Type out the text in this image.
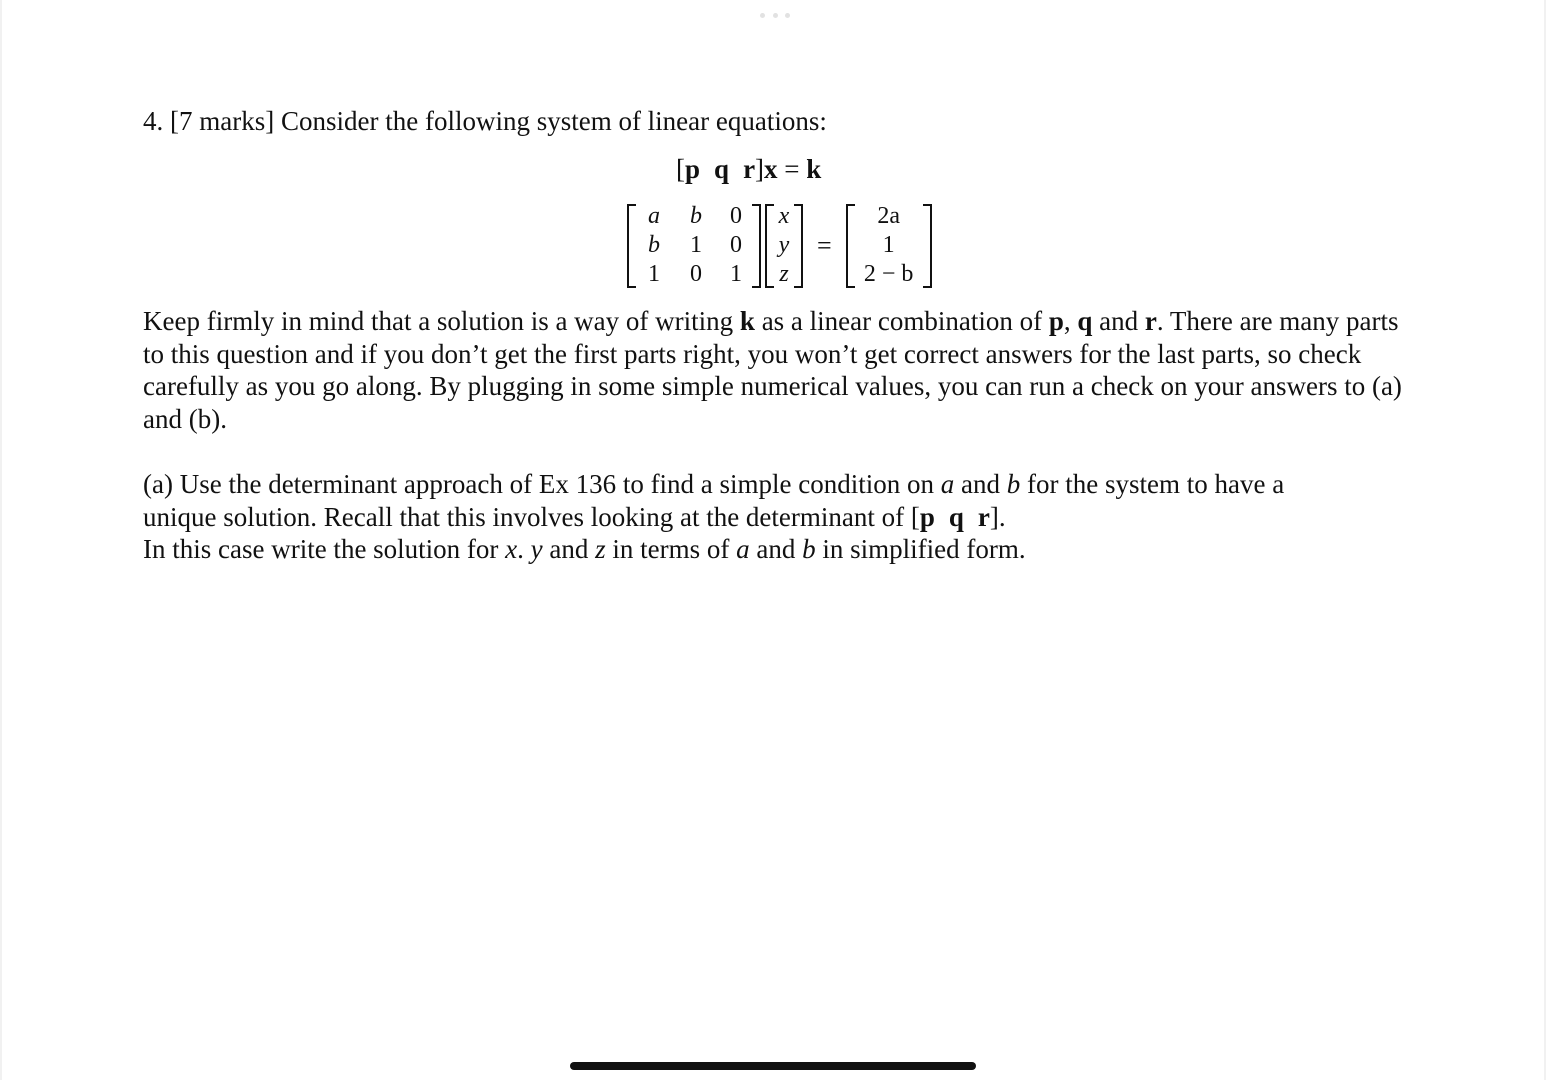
4. [7 marks] Consider the following system of linear equations:
[p q r]x = k
a b 0
b 1 0
1 0 1
x
y
z
=
2a
1
2 − b
Keep firmly in mind that a solution is a way of writing k as a linear combination of p, q and r. There are many parts to this question and if you don’t get the first parts right, you won’t get correct answers for the last parts, so check carefully as you go along. By plugging in some simple numerical values, you can run a check on your answers to (a) and (b).
(a) Use the determinant approach of Ex 136 to find a simple condition on a and b for the system to have a
unique solution. Recall that this involves looking at the determinant of [p q r].
In this case write the solution for x. y and z in terms of a and b in simplified form.
